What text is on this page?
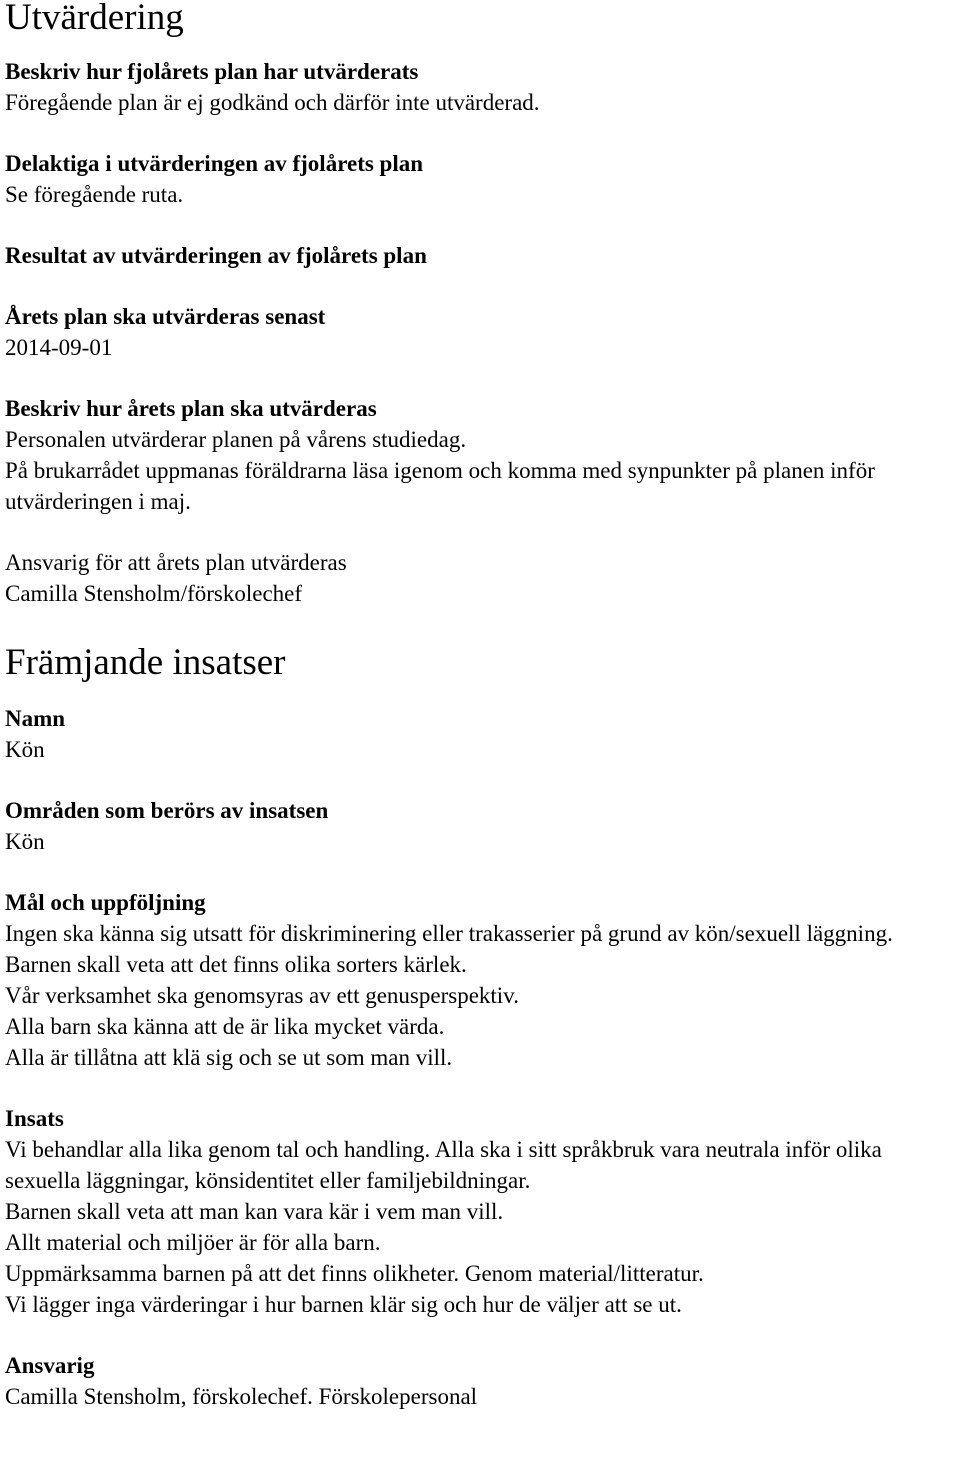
Utvärdering
Beskriv hur fjolårets plan har utvärderats
Föregående plan är ej godkänd och därför inte utvärderad.
Delaktiga i utvärderingen av fjolårets plan
Se föregående ruta.
Resultat av utvärderingen av fjolårets plan
Årets plan ska utvärderas senast
2014-09-01
Beskriv hur årets plan ska utvärderas
Personalen utvärderar planen på vårens studiedag.
På brukarrådet uppmanas föräldrarna läsa igenom och komma med synpunkter på planen inför utvärderingen i maj.
Ansvarig för att årets plan utvärderas
Camilla Stensholm/förskolechef
Främjande insatser
Namn
Kön
Områden som berörs av insatsen
Kön
Mål och uppföljning
Ingen ska känna sig utsatt för diskriminering eller trakasserier på grund av kön/sexuell läggning.
Barnen skall veta att det finns olika sorters kärlek.
Vår verksamhet ska genomsyras av ett genusperspektiv.
Alla barn ska känna att de är lika mycket värda.
Alla är tillåtna att klä sig och se ut som man vill.
Insats
Vi behandlar alla lika genom tal och handling. Alla ska i sitt språkbruk vara neutrala inför olika sexuella läggningar, könsidentitet eller familjebildningar.
Barnen skall veta att man kan vara kär i vem man vill.
Allt material och miljöer är för alla barn.
Uppmärksamma barnen på att det finns olikheter. Genom material/litteratur.
Vi lägger inga värderingar i hur barnen klär sig och hur de väljer att se ut.
Ansvarig
Camilla Stensholm, förskolechef. Förskolepersonal
